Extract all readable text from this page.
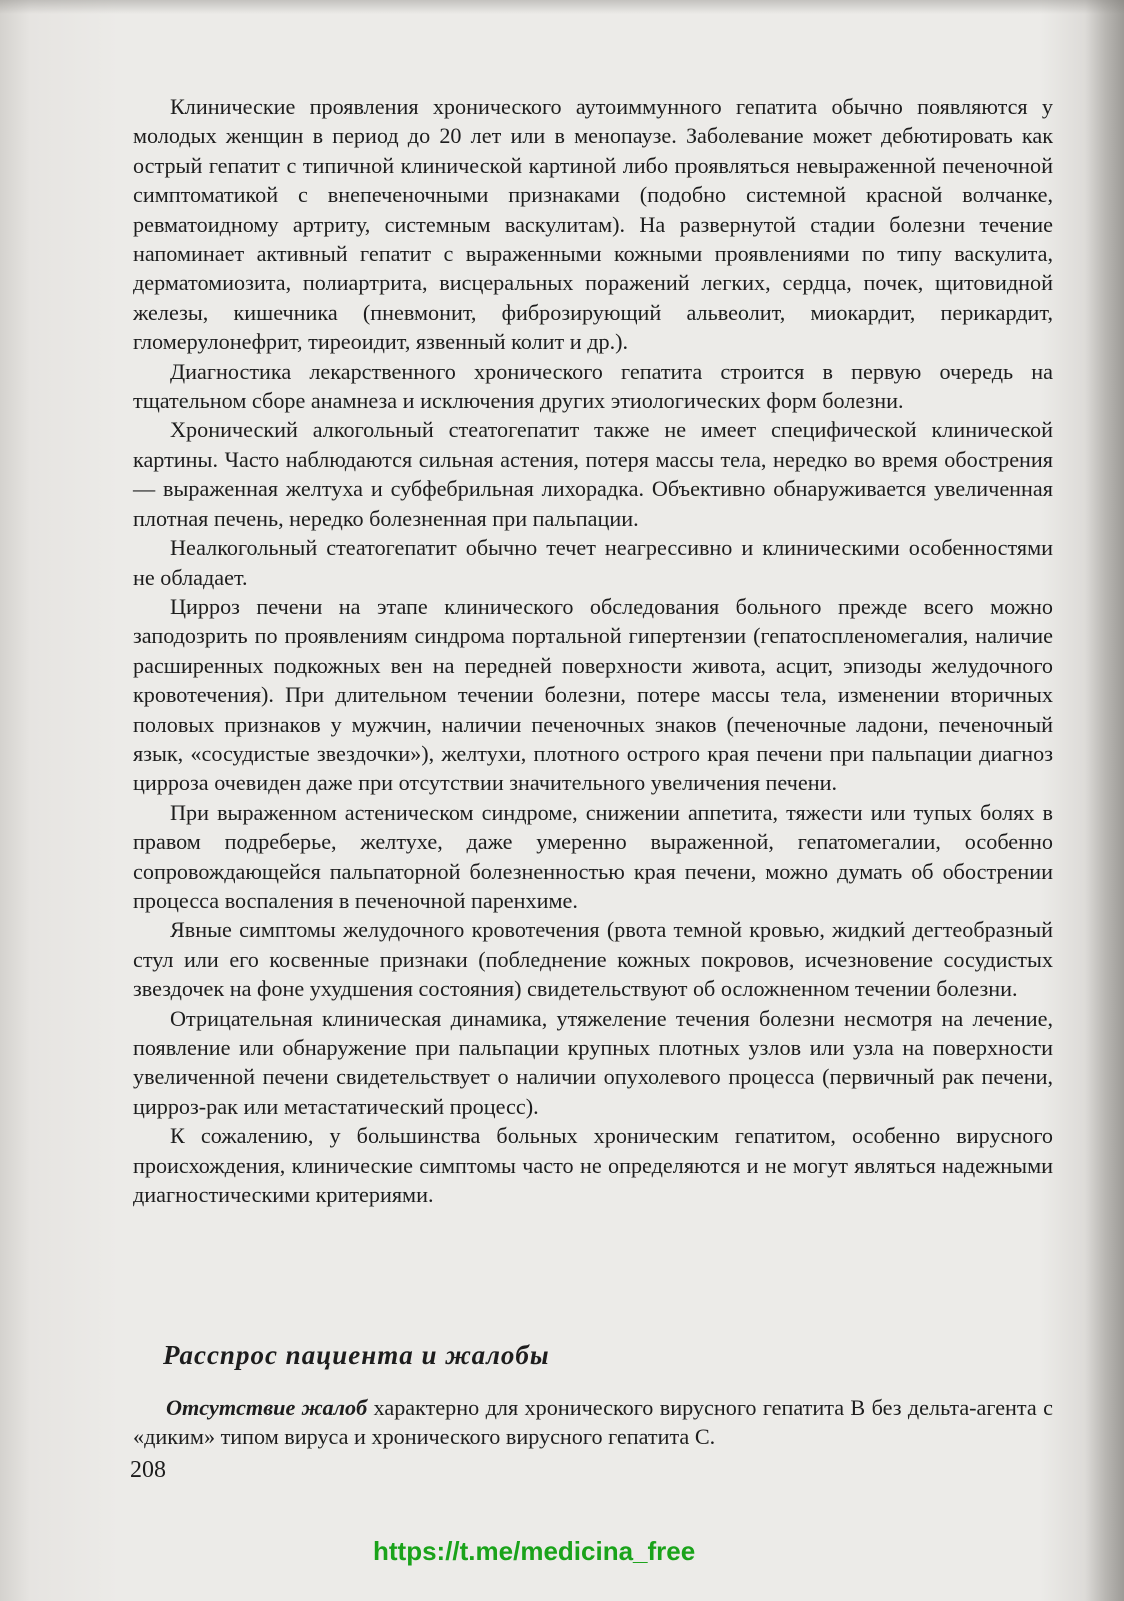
Клинические проявления хронического аутоиммунного гепатита обычно появляются у молодых женщин в период до 20 лет или в менопаузе. Заболевание может дебютировать как острый гепатит с типичной клинической картиной либо проявляться невыраженной печеночной симптоматикой с внепеченочными признаками (подобно системной красной волчанке, ревматоидному артриту, системным васкулитам). На развернутой стадии болезни течение напоминает активный гепатит с выраженными кожными проявлениями по типу васкулита, дерматомиозита, полиартрита, висцеральных поражений легких, сердца, почек, щитовидной железы, кишечника (пневмонит, фиброзирующий альвеолит, миокардит, перикардит, гломерулонефрит, тиреоидит, язвенный колит и др.).

Диагностика лекарственного хронического гепатита строится в первую очередь на тщательном сборе анамнеза и исключения других этиологических форм болезни.

Хронический алкогольный стеатогепатит также не имеет специфической клинической картины. Часто наблюдаются сильная астения, потеря массы тела, нередко во время обострения — выраженная желтуха и субфебрильная лихорадка. Объективно обнаруживается увеличенная плотная печень, нередко болезненная при пальпации.

Неалкогольный стеатогепатит обычно течет неагрессивно и клиническими особенностями не обладает.

Цирроз печени на этапе клинического обследования больного прежде всего можно заподозрить по проявлениям синдрома портальной гипертензии (гепатоспленомегалия, наличие расширенных подкожных вен на передней поверхности живота, асцит, эпизоды желудочного кровотечения). При длительном течении болезни, потере массы тела, изменении вторичных половых признаков у мужчин, наличии печеночных знаков (печеночные ладони, печеночный язык, «сосудистые звездочки»), желтухи, плотного острого края печени при пальпации диагноз цирроза очевиден даже при отсутствии значительного увеличения печени.

При выраженном астеническом синдроме, снижении аппетита, тяжести или тупых болях в правом подреберье, желтухе, даже умеренно выраженной, гепатомегалии, особенно сопровождающейся пальпаторной болезненностью края печени, можно думать об обострении процесса воспаления в печеночной паренхиме.

Явные симптомы желудочного кровотечения (рвота темной кровью, жидкий дегтеобразный стул или его косвенные признаки (побледнение кожных покровов, исчезновение сосудистых звездочек на фоне ухудшения состояния) свидетельствуют об осложненном течении болезни.

Отрицательная клиническая динамика, утяжеление течения болезни несмотря на лечение, появление или обнаружение при пальпации крупных плотных узлов или узла на поверхности увеличенной печени свидетельствует о наличии опухолевого процесса (первичный рак печени, цирроз-рак или метастатический процесс).

К сожалению, у большинства больных хроническим гепатитом, особенно вирусного происхождения, клинические симптомы часто не определяются и не могут являться надежными диагностическими критериями.

Расспрос пациента и жалобы

Отсутствие жалоб характерно для хронического вирусного гепатита В без дельта-агента с «диким» типом вируса и хронического вирусного гепатита С.

208
https://t.me/medicina_free
